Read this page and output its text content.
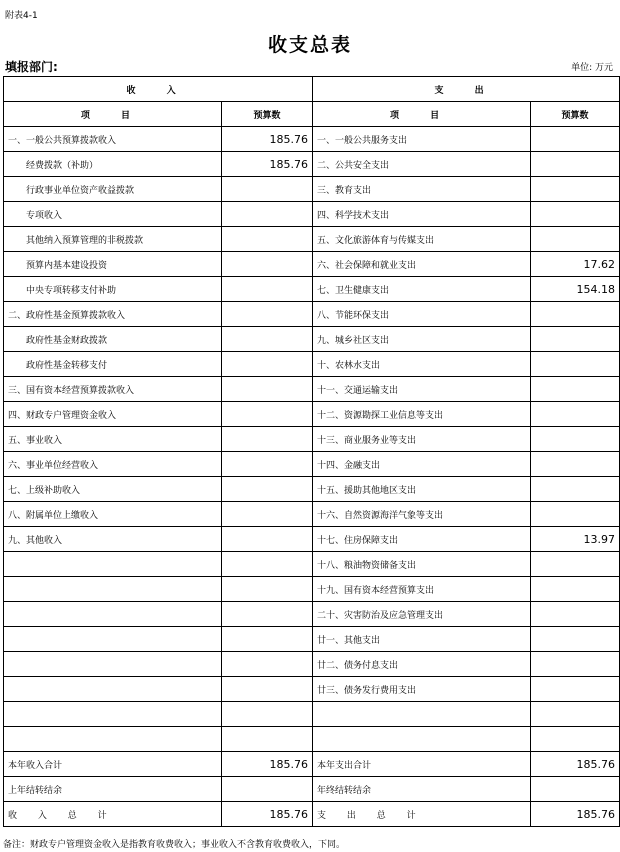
附表4-1
收支总表
填报部门:	单位: 万元
收 入		支 出	
项 目	预算数	项 目	预算数
一、一般公共预算拨款收入	185.76	一、一般公共服务支出	
经费拨款（补助）	185.76	二、公共安全支出	
行政事业单位资产收益拨款		三、教育支出	
专项收入		四、科学技术支出	
其他纳入预算管理的非税拨款		五、文化旅游体育与传媒支出	
预算内基本建设投资		六、社会保障和就业支出	17.62
中央专项转移支付补助		七、卫生健康支出	154.18
二、政府性基金预算拨款收入		八、节能环保支出	
政府性基金财政拨款		九、城乡社区支出	
政府性基金转移支付		十、农林水支出	
三、国有资本经营预算拨款收入		十一、交通运输支出	
四、财政专户管理资金收入		十二、资源勘探工业信息等支出	
五、事业收入		十三、商业服务业等支出	
六、事业单位经营收入		十四、金融支出	
七、上级补助收入		十五、援助其他地区支出	
八、附属单位上缴收入		十六、自然资源海洋气象等支出	
九、其他收入		十七、住房保障支出	13.97
		十八、粮油物资储备支出	
		十九、国有资本经营预算支出	
		二十、灾害防治及应急管理支出	
		廿一、其他支出	
		廿二、债务付息支出	
		廿三、债务发行费用支出	

本年收入合计	185.76	本年支出合计	185.76
上年结转结余		年终结转结余	
收 入 总 计	185.76	支 出 总 计	185.76
备注：财政专户管理资金收入是指教育收费收入；事业收入不含教育收费收入，下同。
